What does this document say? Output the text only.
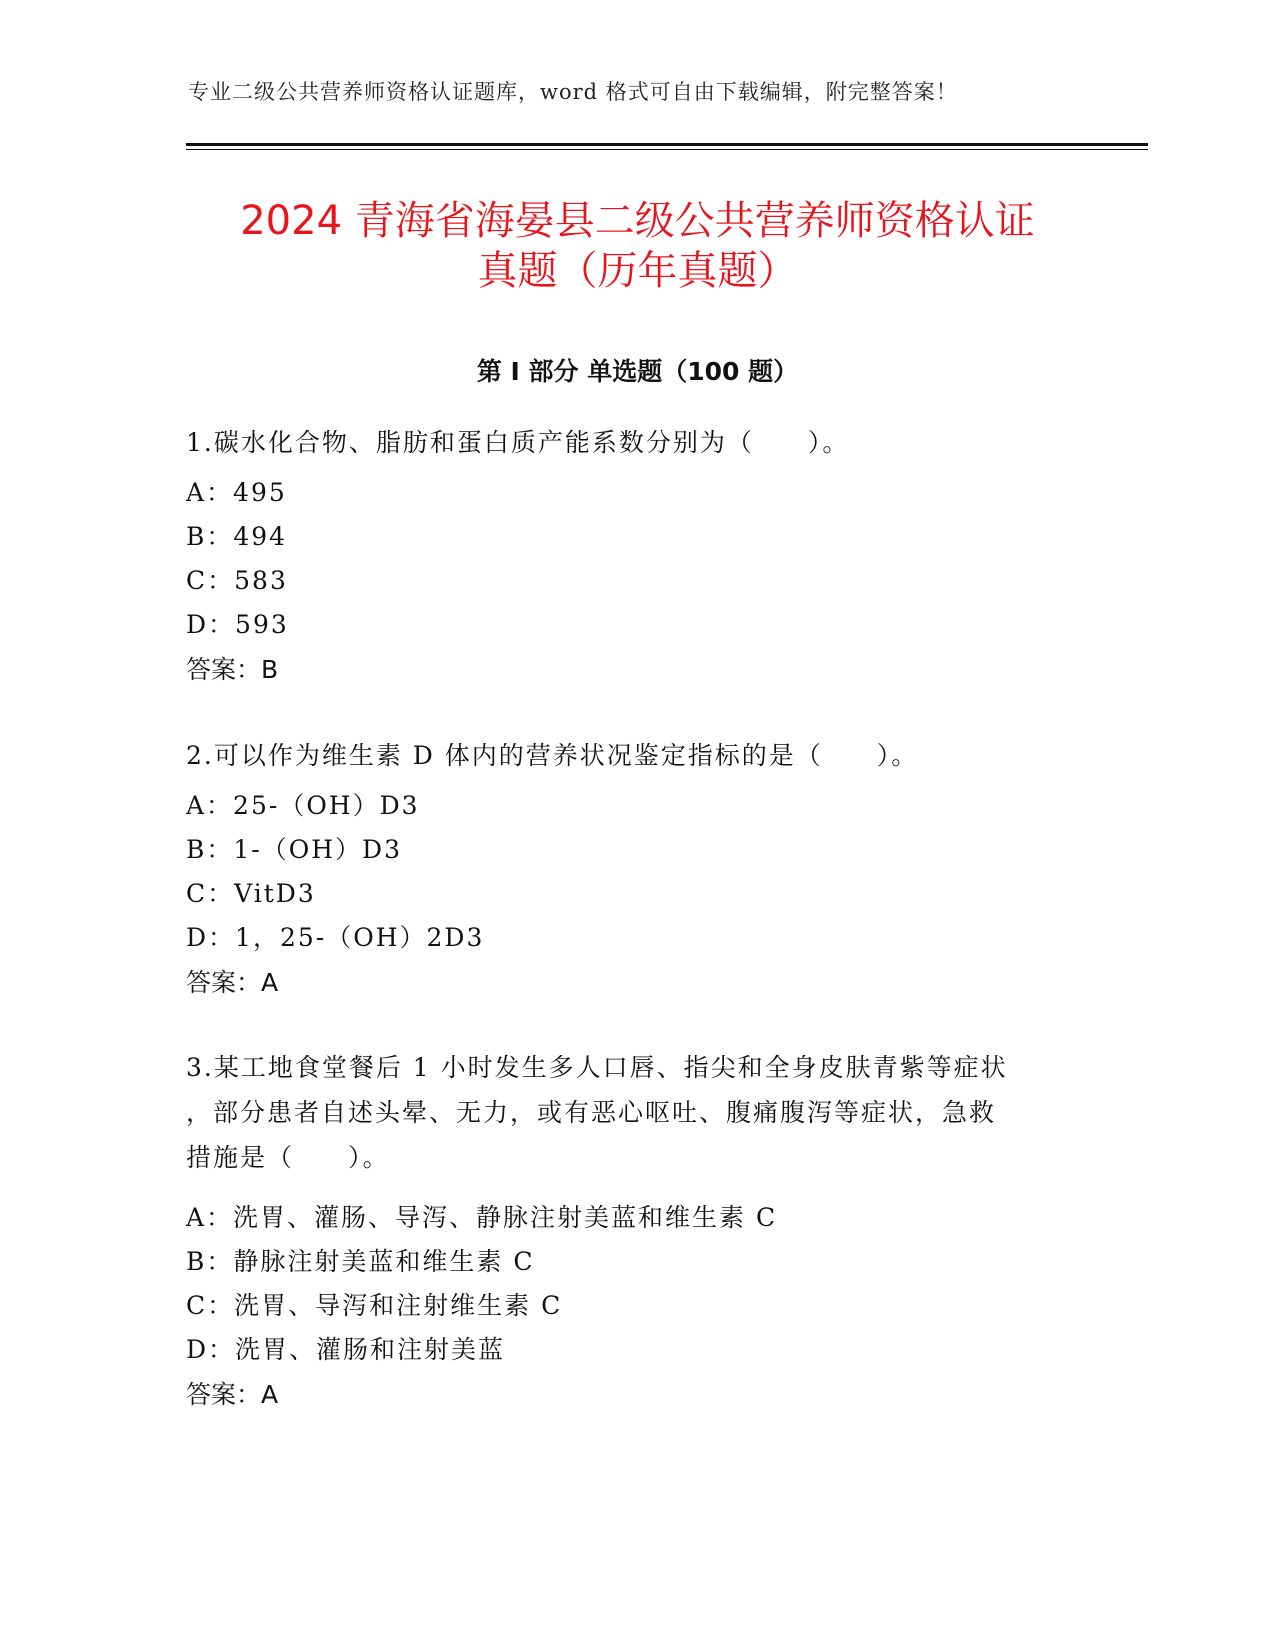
专业二级公共营养师资格认证题库，word 格式可自由下载编辑，附完整答案！
2024 青海省海晏县二级公共营养师资格认证
真题（历年真题）
第 I 部分 单选题（100 题）
1.碳水化合物、脂肪和蛋白质产能系数分别为（　　）。
A：495
B：494
C：583
D：593
答案：B
2.可以作为维生素 D 体内的营养状况鉴定指标的是（　　）。
A：25-（OH）D3
B：1-（OH）D3
C：VitD3
D：1，25-（OH）2D3
答案：A
3.某工地食堂餐后 1 小时发生多人口唇、指尖和全身皮肤青紫等症状
，部分患者自述头晕、无力，或有恶心呕吐、腹痛腹泻等症状，急救
措施是（　　）。
A：洗胃、灌肠、导泻、静脉注射美蓝和维生素 C
B：静脉注射美蓝和维生素 C
C：洗胃、导泻和注射维生素 C
D：洗胃、灌肠和注射美蓝
答案：A
